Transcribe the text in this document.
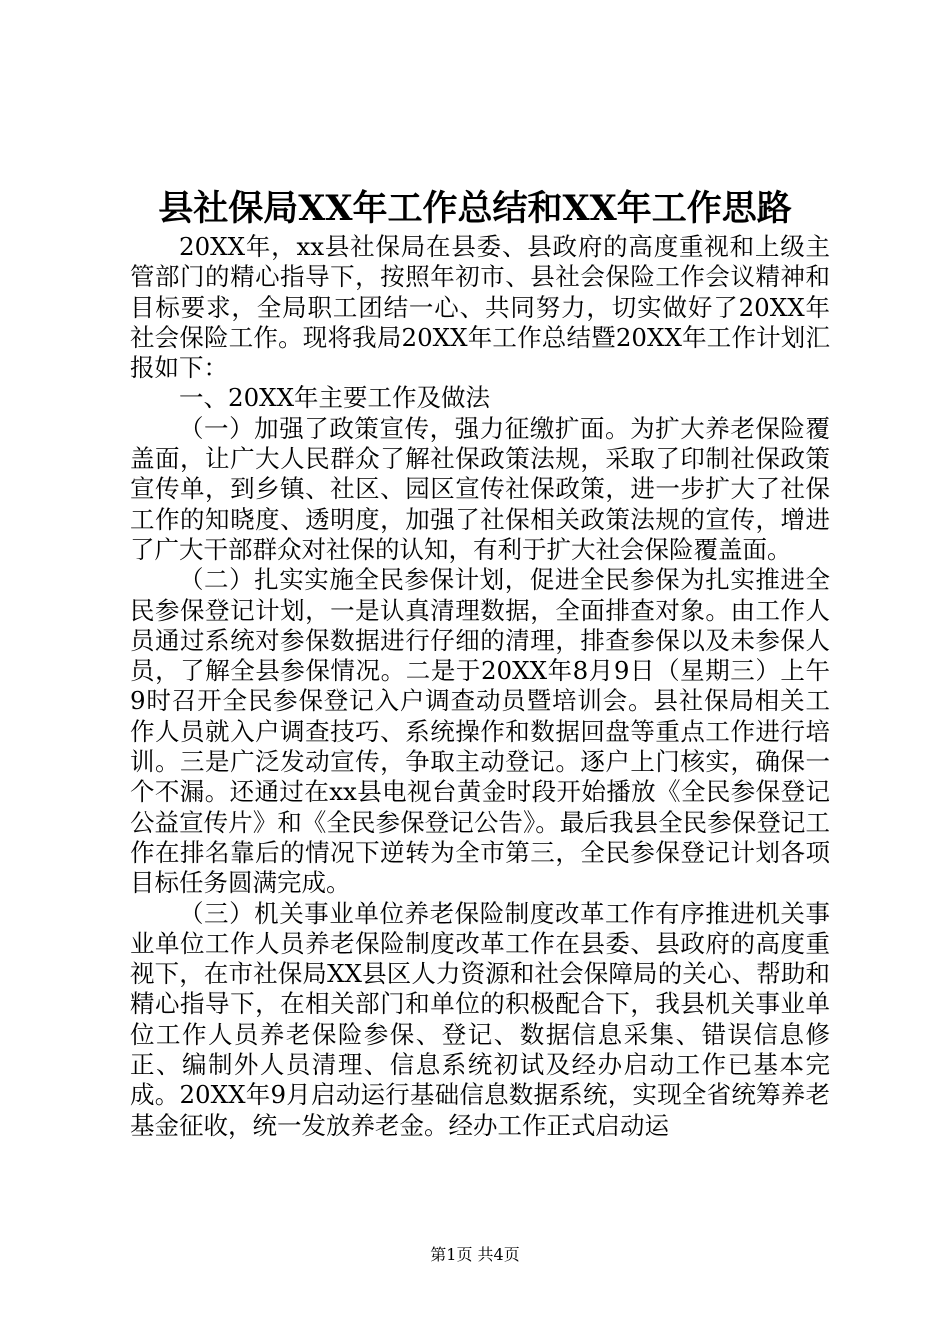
县社保局XX年工作总结和XX年工作思路

20XX年，xx县社保局在县委、县政府的高度重视和上级主管部门的精心指导下，按照年初市、县社会保险工作会议精神和目标要求，全局职工团结一心、共同努力，切实做好了20XX年社会保险工作。现将我局20XX年工作总结暨20XX年工作计划汇报如下：

一、20XX年主要工作及做法

（一）加强了政策宣传，强力征缴扩面。为扩大养老保险覆盖面，让广大人民群众了解社保政策法规，采取了印制社保政策宣传单，到乡镇、社区、园区宣传社保政策，进一步扩大了社保工作的知晓度、透明度，加强了社保相关政策法规的宣传，增进了广大干部群众对社保的认知，有利于扩大社会保险覆盖面。

（二）扎实实施全民参保计划，促进全民参保为扎实推进全民参保登记计划，一是认真清理数据，全面排查对象。由工作人员通过系统对参保数据进行仔细的清理，排查参保以及未参保人员，了解全县参保情况。二是于20XX年8月9日（星期三）上午9时召开全民参保登记入户调查动员暨培训会。县社保局相关工作人员就入户调查技巧、系统操作和数据回盘等重点工作进行培训。三是广泛发动宣传，争取主动登记。逐户上门核实，确保一个不漏。还通过在xx县电视台黄金时段开始播放《全民参保登记公益宣传片》和《全民参保登记公告》。最后我县全民参保登记工作在排名靠后的情况下逆转为全市第三，全民参保登记计划各项目标任务圆满完成。

（三）机关事业单位养老保险制度改革工作有序推进机关事业单位工作人员养老保险制度改革工作在县委、县政府的高度重视下，在市社保局XX县区人力资源和社会保障局的关心、帮助和精心指导下，在相关部门和单位的积极配合下，我县机关事业单位工作人员养老保险参保、登记、数据信息采集、错误信息修正、编制外人员清理、信息系统初试及经办启动工作已基本完成。20XX年9月启动运行基础信息数据系统，实现全省统筹养老基金征收，统一发放养老金。经办工作正式启动运

第1页 共4页
